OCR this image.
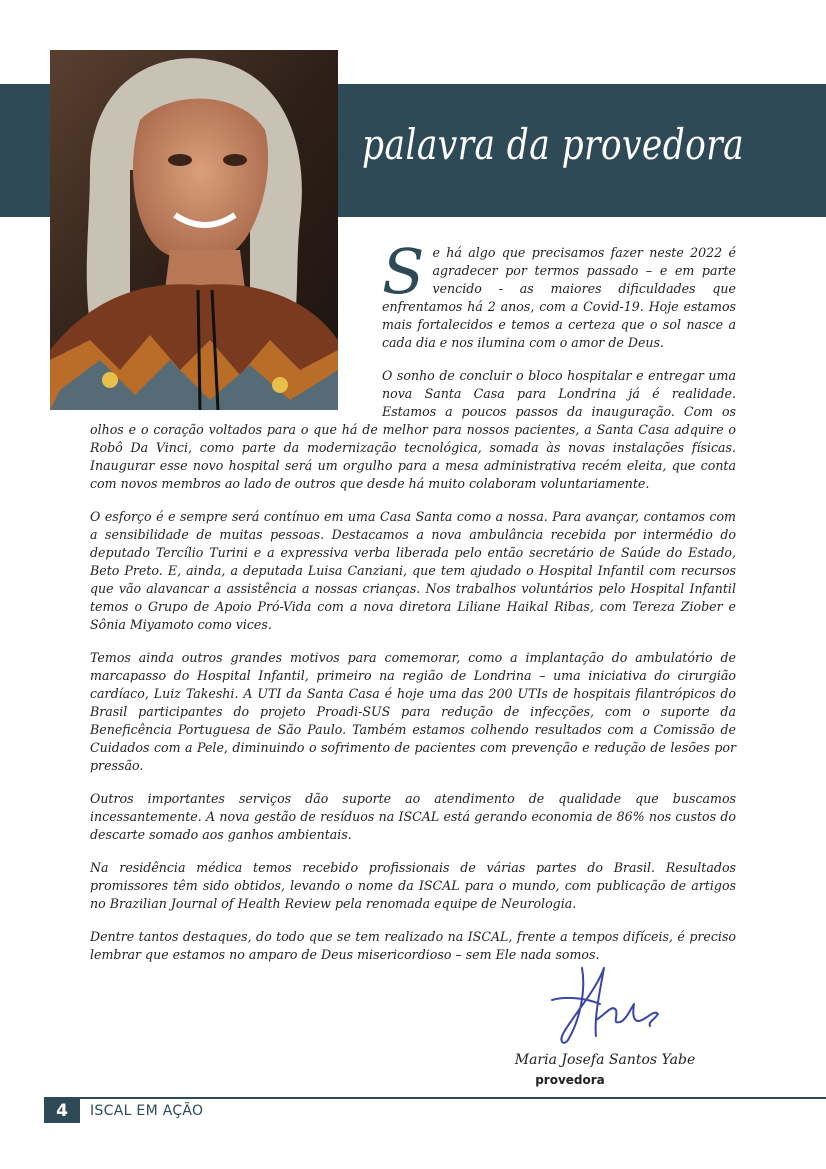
palavra da provedora

Se há algo que precisamos fazer neste 2022 é agradecer por termos passado – e em parte vencido - as maiores dificuldades que enfrentamos há 2 anos, com a Covid-19. Hoje estamos mais fortalecidos e temos a certeza que o sol nasce a cada dia e nos ilumina com o amor de Deus.

O sonho de concluir o bloco hospitalar e entregar uma nova Santa Casa para Londrina já é realidade. Estamos a poucos passos da inauguração. Com os olhos e o coração voltados para o que há de melhor para nossos pacientes, a Santa Casa adquire o Robô Da Vinci, como parte da modernização tecnológica, somada às novas instalações físicas. Inaugurar esse novo hospital será um orgulho para a mesa administrativa recém eleita, que conta com novos membros ao lado de outros que desde há muito colaboram voluntariamente.

O esforço é e sempre será contínuo em uma Casa Santa como a nossa. Para avançar, contamos com a sensibilidade de muitas pessoas. Destacamos a nova ambulância recebida por intermédio do deputado Tercílio Turini e a expressiva verba liberada pelo então secretário de Saúde do Estado, Beto Preto. E, ainda, a deputada Luisa Canziani, que tem ajudado o Hospital Infantil com recursos que vão alavancar a assistência a nossas crianças. Nos trabalhos voluntários pelo Hospital Infantil temos o Grupo de Apoio Pró-Vida com a nova diretora Liliane Haikal Ribas, com Tereza Ziober e Sônia Miyamoto como vices.

Temos ainda outros grandes motivos para comemorar, como a implantação do ambulatório de marcapasso do Hospital Infantil, primeiro na região de Londrina – uma iniciativa do cirurgião cardíaco, Luiz Takeshi. A UTI da Santa Casa é hoje uma das 200 UTIs de hospitais filantrópicos do Brasil participantes do projeto Proadi-SUS para redução de infecções, com o suporte da Beneficência Portuguesa de São Paulo. Também estamos colhendo resultados com a Comissão de Cuidados com a Pele, diminuindo o sofrimento de pacientes com prevenção e redução de lesões por pressão.

Outros importantes serviços dão suporte ao atendimento de qualidade que buscamos incessantemente. A nova gestão de resíduos na ISCAL está gerando economia de 86% nos custos do descarte somado aos ganhos ambientais.

Na residência médica temos recebido profissionais de várias partes do Brasil. Resultados promissores têm sido obtidos, levando o nome da ISCAL para o mundo, com publicação de artigos no Brazilian Journal of Health Review pela renomada equipe de Neurologia.

Dentre tantos destaques, do todo que se tem realizado na ISCAL, frente a tempos difíceis, é preciso lembrar que estamos no amparo de Deus misericordioso – sem Ele nada somos.

Maria Josefa Santos Yabe
provedora
4	ISCAL EM AÇÃO
